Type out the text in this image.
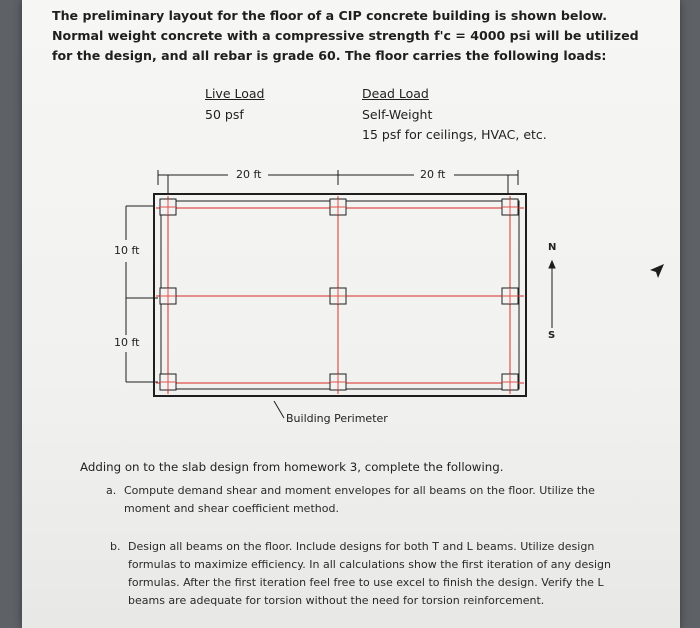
The preliminary layout for the floor of a CIP concrete building is shown below. Normal weight concrete with a compressive strength f'c = 4000 psi will be utilized for the design, and all rebar is grade 60. The floor carries the following loads:

Live Load
50 psf
Dead Load
Self-Weight
15 psf for ceilings, HVAC, etc.
20 ft	20 ft
10 ft
10 ft
N
S
Building Perimeter

Adding on to the slab design from homework 3, complete the following.

a. Compute demand shear and moment envelopes for all beams on the floor. Utilize the moment and shear coefficient method.
b. Design all beams on the floor. Include designs for both T and L beams. Utilize design formulas to maximize efficiency. In all calculations show the first iteration of any design formulas. After the first iteration feel free to use excel to finish the design. Verify the L beams are adequate for torsion without the need for torsion reinforcement.
